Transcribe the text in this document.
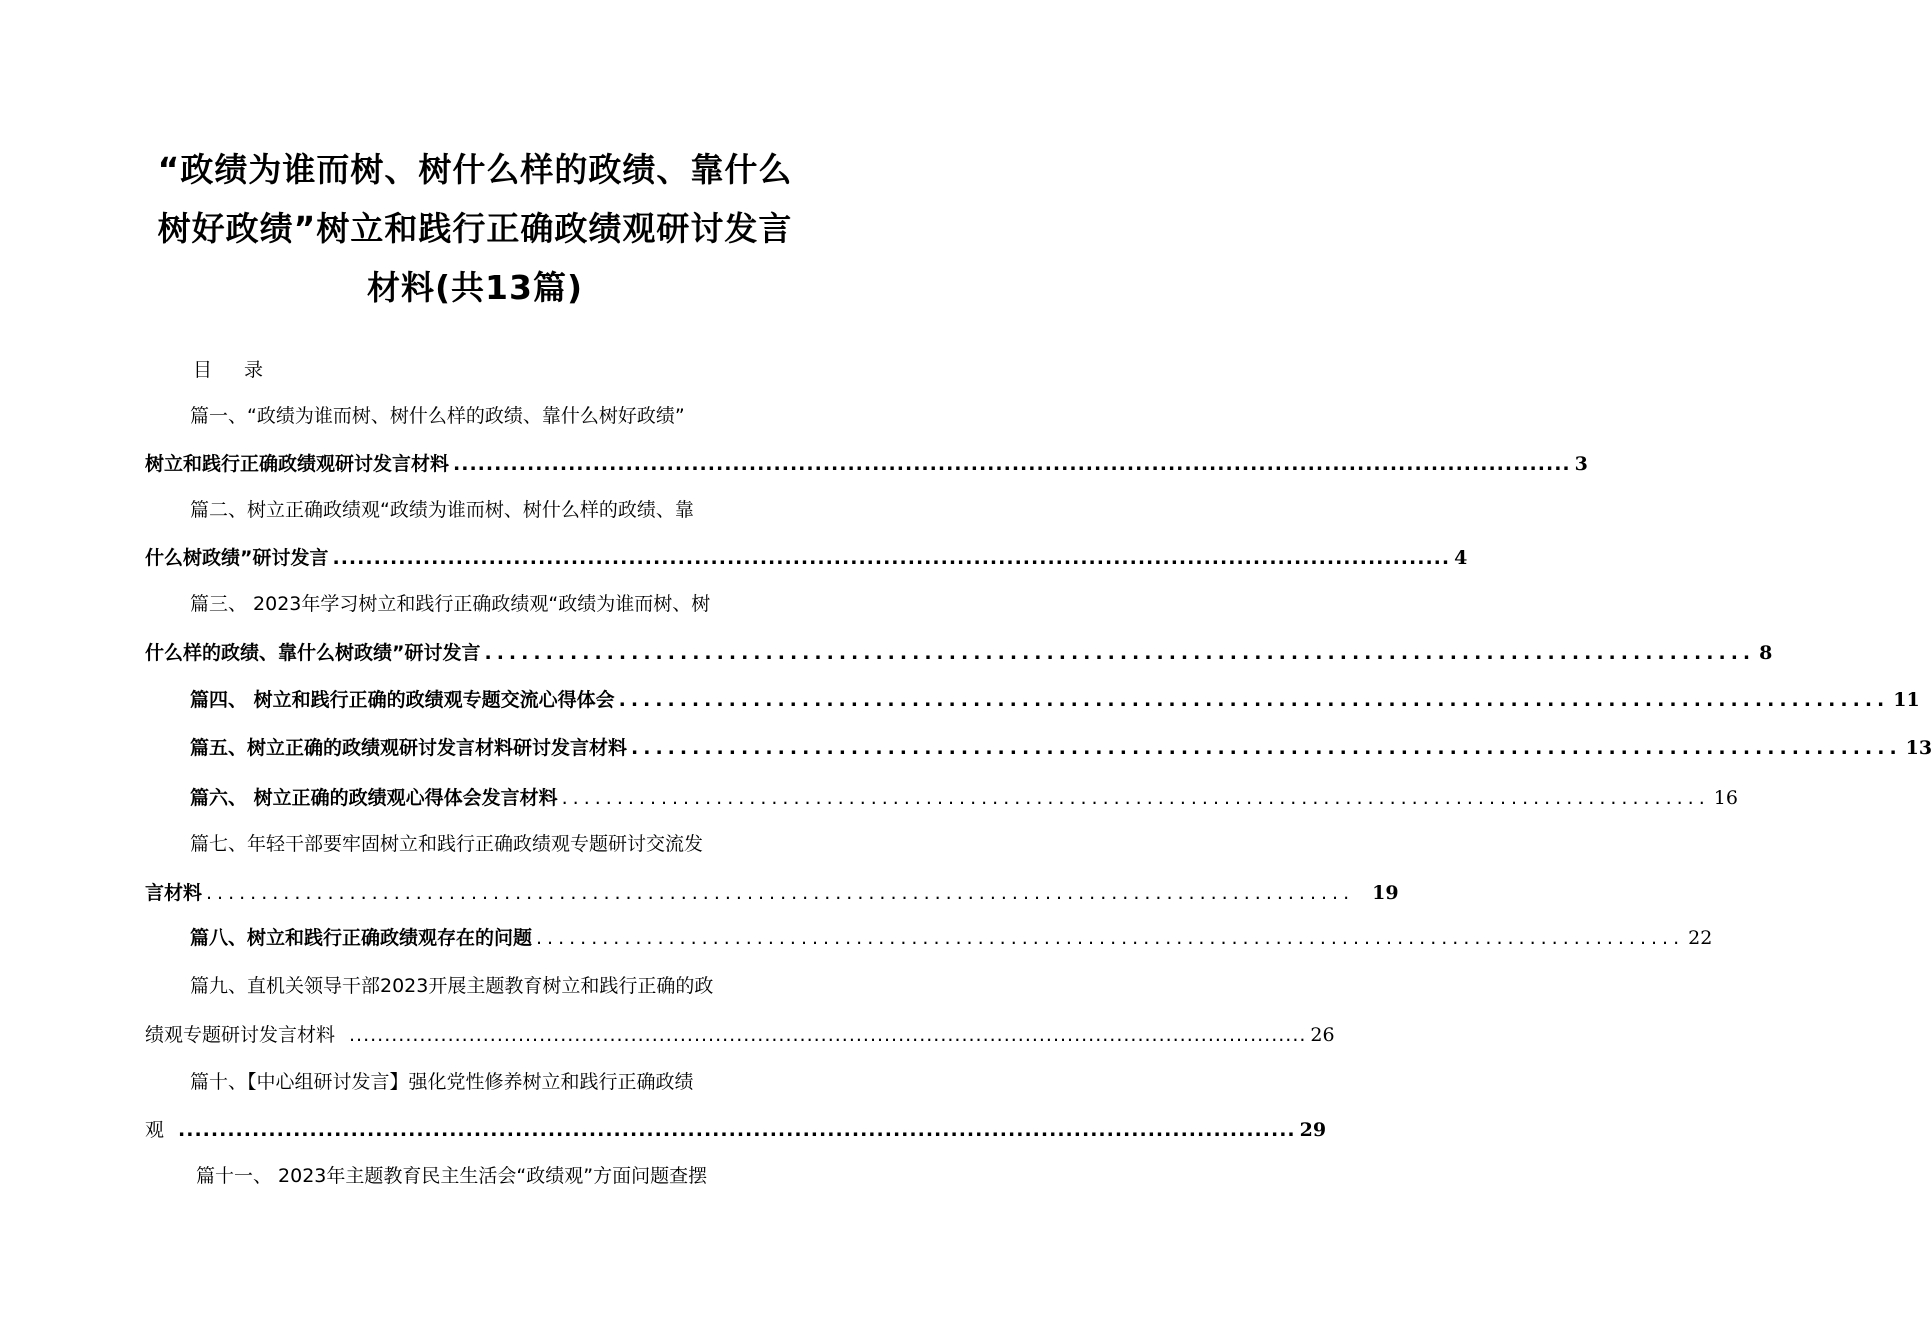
“政绩为谁而树、树什么样的政绩、靠什么
树好政绩”树立和践行正确政绩观研讨发言
材料(共13篇)
目 录
篇一、“政绩为谁而树、树什么样的政绩、靠什么树好政绩”
树立和践行正确政绩观研讨发言材料 ........................................................................................................................................ 3
篇二、树立正确政绩观“政绩为谁而树、树什么样的政绩、靠
什么树政绩”研讨发言 ........................................................................................................................................ 4
篇三、 2023年学习树立和践行正确政绩观“政绩为谁而树、树
什么样的政绩、靠什么树政绩”研讨发言 ........................................................................................................ 8
篇四、 树立和践行正确的政绩观专题交流心得体会 ........................................................................................................ 11
篇五、树立正确的政绩观研讨发言材料研讨发言材料 ........................................................................................................ 13
篇六、 树立正确的政绩观心得体会发言材料 ........................................................................................................ 16
篇七、年轻干部要牢固树立和践行正确政绩观专题研讨交流发
言材料 ........................................................................................................ 19
篇八、树立和践行正确政绩观存在的问题 ........................................................................................................ 22
篇九、直机关领导干部2023开展主题教育树立和践行正确的政
绩观专题研讨发言材料 ........................................................................................................................................ 26
篇十、【中心组研讨发言】强化党性修养树立和践行正确政绩
观 ........................................................................................................................................ 29
篇十一、 2023年主题教育民主生活会“政绩观”方面问题查摆
